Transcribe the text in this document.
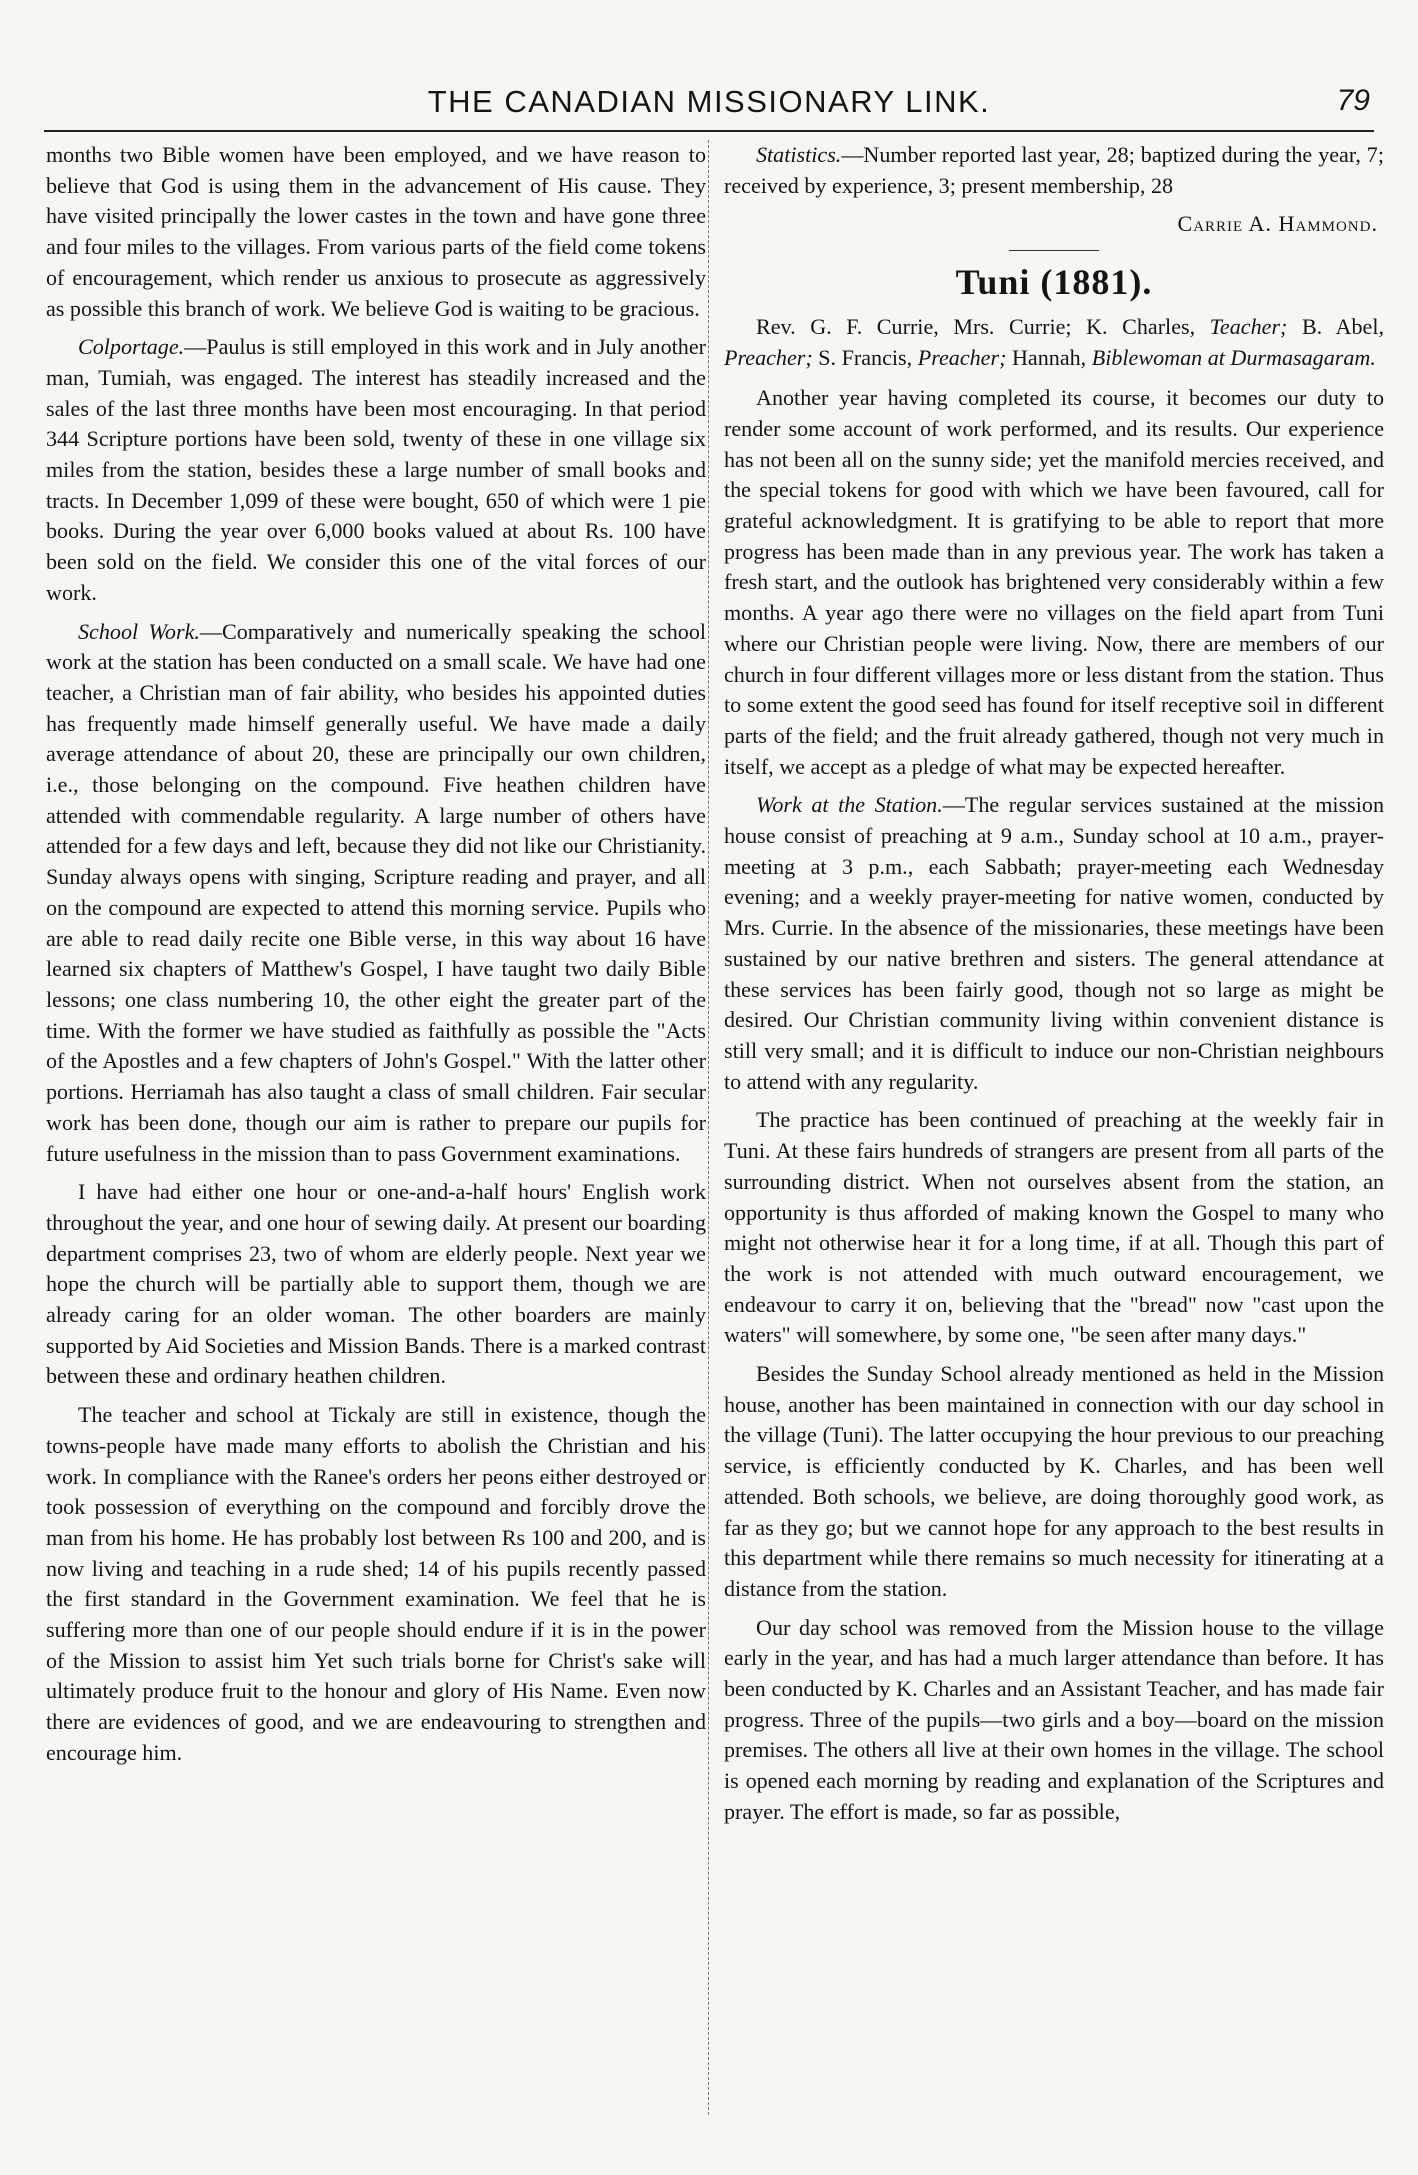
THE CANADIAN MISSIONARY LINK.	79

months two Bible women have been employed, and we have reason to believe that God is using them in the advancement of His cause. They have visited principally the lower castes in the town and have gone three and four miles to the villages. From various parts of the field come tokens of encouragement, which render us anxious to prosecute as aggressively as possible this branch of work. We believe God is waiting to be gracious.

Colportage.—Paulus is still employed in this work and in July another man, Tumiah, was engaged. The interest has steadily increased and the sales of the last three months have been most encouraging. In that period 344 Scripture portions have been sold, twenty of these in one village six miles from the station, besides these a large number of small books and tracts. In December 1,099 of these were bought, 650 of which were 1 pie books. During the year over 6,000 books valued at about Rs. 100 have been sold on the field. We consider this one of the vital forces of our work.

School Work.—Comparatively and numerically speaking the school work at the station has been conducted on a small scale. We have had one teacher, a Christian man of fair ability, who besides his appointed duties has frequently made himself generally useful. We have made a daily average attendance of about 20, these are principally our own children, i.e., those belonging on the compound. Five heathen children have attended with commendable regularity. A large number of others have attended for a few days and left, because they did not like our Christianity. Sunday always opens with singing, Scripture reading and prayer, and all on the compound are expected to attend this morning service. Pupils who are able to read daily recite one Bible verse, in this way about 16 have learned six chapters of Matthew's Gospel, I have taught two daily Bible lessons; one class numbering 10, the other eight the greater part of the time. With the former we have studied as faithfully as possible the "Acts of the Apostles and a few chapters of John's Gospel." With the latter other portions. Herriamah has also taught a class of small children. Fair secular work has been done, though our aim is rather to prepare our pupils for future usefulness in the mission than to pass Government examinations.

I have had either one hour or one-and-a-half hours' English work throughout the year, and one hour of sewing daily. At present our boarding department comprises 23, two of whom are elderly people. Next year we hope the church will be partially able to support them, though we are already caring for an older woman. The other boarders are mainly supported by Aid Societies and Mission Bands. There is a marked contrast between these and ordinary heathen children.

The teacher and school at Tickaly are still in existence, though the towns-people have made many efforts to abolish the Christian and his work. In compliance with the Ranee's orders her peons either destroyed or took possession of everything on the compound and forcibly drove the man from his home. He has probably lost between Rs 100 and 200, and is now living and teaching in a rude shed; 14 of his pupils recently passed the first standard in the Government examination. We feel that he is suffering more than one of our people should endure if it is in the power of the Mission to assist him Yet such trials borne for Christ's sake will ultimately produce fruit to the honour and glory of His Name. Even now there are evidences of good, and we are endeavouring to strengthen and encourage him.

Statistics.—Number reported last year, 28; baptized during the year, 7; received by experience, 3; present membership, 28

Carrie A. Hammond.
Tuni (1881).

Rev. G. F. Currie, Mrs. Currie; K. Charles, Teacher; B. Abel, Preacher; S. Francis, Preacher; Hannah, Biblewoman at Durmasagaram.

Another year having completed its course, it becomes our duty to render some account of work performed, and its results. Our experience has not been all on the sunny side; yet the manifold mercies received, and the special tokens for good with which we have been favoured, call for grateful acknowledgment. It is gratifying to be able to report that more progress has been made than in any previous year. The work has taken a fresh start, and the outlook has brightened very considerably within a few months. A year ago there were no villages on the field apart from Tuni where our Christian people were living. Now, there are members of our church in four different villages more or less distant from the station. Thus to some extent the good seed has found for itself receptive soil in different parts of the field; and the fruit already gathered, though not very much in itself, we accept as a pledge of what may be expected hereafter.

Work at the Station.—The regular services sustained at the mission house consist of preaching at 9 a.m., Sunday school at 10 a.m., prayer-meeting at 3 p.m., each Sabbath; prayer-meeting each Wednesday evening; and a weekly prayer-meeting for native women, conducted by Mrs. Currie. In the absence of the missionaries, these meetings have been sustained by our native brethren and sisters. The general attendance at these services has been fairly good, though not so large as might be desired. Our Christian community living within convenient distance is still very small; and it is difficult to induce our non-Christian neighbours to attend with any regularity.

The practice has been continued of preaching at the weekly fair in Tuni. At these fairs hundreds of strangers are present from all parts of the surrounding district. When not ourselves absent from the station, an opportunity is thus afforded of making known the Gospel to many who might not otherwise hear it for a long time, if at all. Though this part of the work is not attended with much outward encouragement, we endeavour to carry it on, believing that the "bread" now "cast upon the waters" will somewhere, by some one, "be seen after many days."

Besides the Sunday School already mentioned as held in the Mission house, another has been maintained in connection with our day school in the village (Tuni). The latter occupying the hour previous to our preaching service, is efficiently conducted by K. Charles, and has been well attended. Both schools, we believe, are doing thoroughly good work, as far as they go; but we cannot hope for any approach to the best results in this department while there remains so much necessity for itinerating at a distance from the station.

Our day school was removed from the Mission house to the village early in the year, and has had a much larger attendance than before. It has been conducted by K. Charles and an Assistant Teacher, and has made fair progress. Three of the pupils—two girls and a boy—board on the mission premises. The others all live at their own homes in the village. The school is opened each morning by reading and explanation of the Scriptures and prayer. The effort is made, so far as possible,
